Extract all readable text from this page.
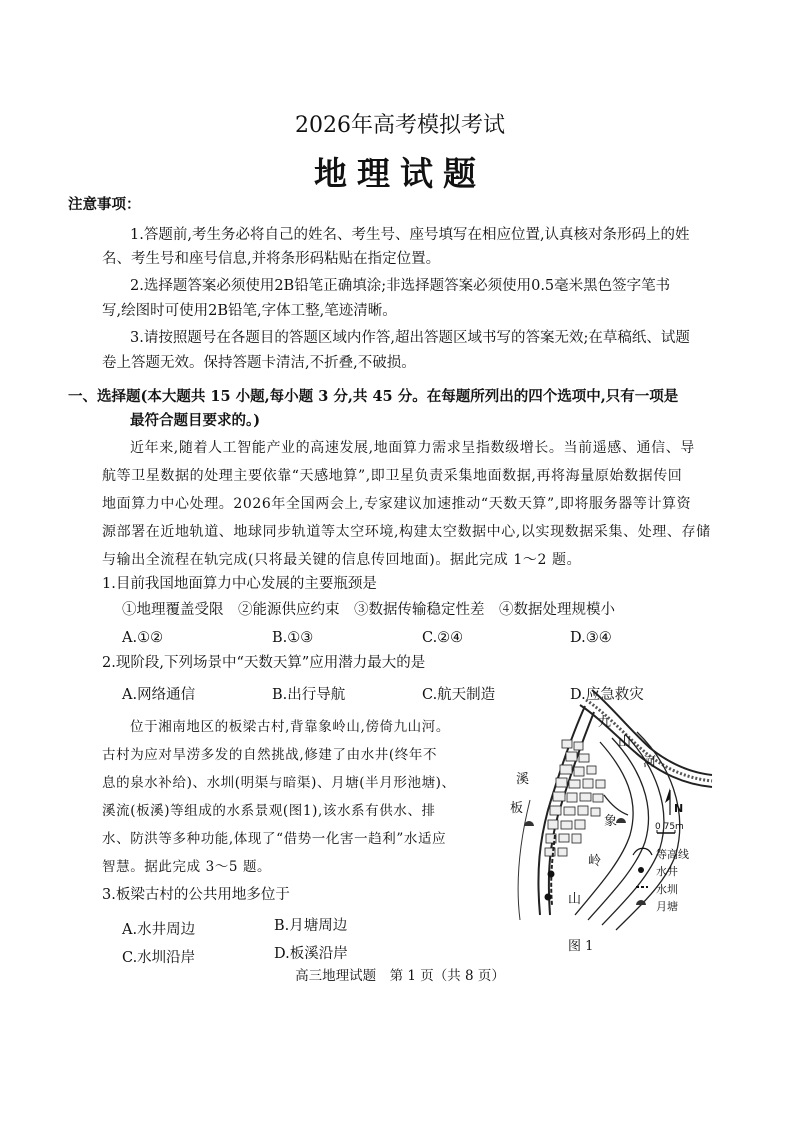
2026年高考模拟考试
地理试题
注意事项：
1.答题前,考生务必将自己的姓名、考生号、座号填写在相应位置,认真核对条形码上的姓
名、考生号和座号信息,并将条形码粘贴在指定位置。
2.选择题答案必须使用2B铅笔正确填涂;非选择题答案必须使用0.5毫米黑色签字笔书
写,绘图时可使用2B铅笔,字体工整,笔迹清晰。
3.请按照题号在各题目的答题区域内作答,超出答题区域书写的答案无效;在草稿纸、试题
卷上答题无效。保持答题卡清洁,不折叠,不破损。
一、选择题(本大题共 15 小题,每小题 3 分,共 45 分。在每题所列出的四个选项中,只有一项是
最符合题目要求的。)
近年来,随着人工智能产业的高速发展,地面算力需求呈指数级增长。当前遥感、通信、导
航等卫星数据的处理主要依靠“天感地算”,即卫星负责采集地面数据,再将海量原始数据传回
地面算力中心处理。2026年全国两会上,专家建议加速推动“天数天算”,即将服务器等计算资
源部署在近地轨道、地球同步轨道等太空环境,构建太空数据中心,以实现数据采集、处理、存储
与输出全流程在轨完成(只将最关键的信息传回地面)。据此完成 1～2 题。
1.目前我国地面算力中心发展的主要瓶颈是
①地理覆盖受限　②能源供应约束　③数据传输稳定性差　④数据处理规模小
A.①②	B.①③	C.②④	D.③④
2.现阶段,下列场景中“天数天算”应用潜力最大的是
A.网络通信	B.出行导航	C.航天制造	D.应急救灾
位于湘南地区的板梁古村,背靠象岭山,傍倚九山河。
古村为应对旱涝多发的自然挑战,修建了由水井(终年不
息的泉水补给)、水圳(明渠与暗渠)、月塘(半月形池塘)、
溪流(板溪)等组成的水系景观(图1),该水系有供水、排
水、防洪等多种功能,体现了“借势一化害一趋利”水适应
智慧。据此完成 3～5 题。
3.板梁古村的公共用地多位于
A.水井周边	B.月塘周边
C.水圳沿岸	D.板溪沿岸
九
山
河
溪
板
象
岭
山
N
0 75m
等高线
水井
水圳
月塘
图 1
高三地理试题　第 1 页（共 8 页）
